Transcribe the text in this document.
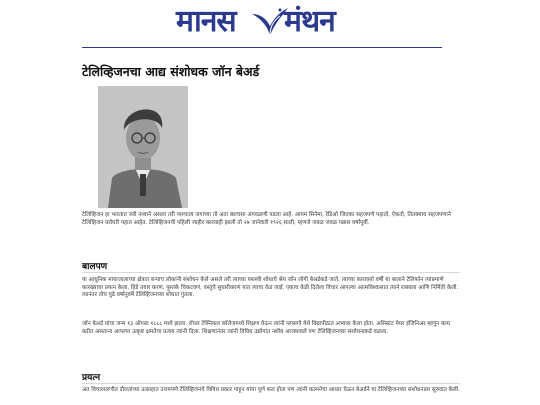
मानस मंथन
टेलिव्हिजनचा आद्य संशोधक जॉन बेअर्ड

टेलिव्हिजन हा भारतात जरी नव्याने असला तरी पाश्चात्य जगाच्या तो अता बराचसा अंगवळणी पडला आहे. आयम सिनेमा, रेडिओ जितका सहजपणे पहातो, ऐकतो, तितक्याच सहजपणाने टेलिव्हिजन घरोघरी पहात आहेत. टेलिव्हिजनची पहिली जाहीर कारवाही झाली तो २७ जानेवारी १९२६ साली, म्हणजे जवळ जवळ पन्नास वर्षांपूर्वी.

बालपण

या आधुनिक मायाजालाच्या क्षेत्रात बऱ्याच लोकांनी संशोधन केले असले तरी त्याच्या यशस्वी शोधाचे श्रेय जॉन लोगी बेअर्डकडे जाते. त्याच्या कारावर्या वर्षी या बालाने टेलिफोन त्याप्रमाणे कारख्याचा प्रयत्न केला. हिंडे तयार करणं, पुस्तके चिकटवणं, वस्तूंचे सुधारीकरणं यात त्याचा वेळ जाई. एकाच वेळी दिलेला विचार आपल्या आत्मविश्वासात त्याने राबवला आणि निर्मिती केली. त्यानंतर तोच पुढे वर्षानुवर्षे टेलिव्हिजनच्या शोधात गुंतला.

जॉन बेअर्ड यांचा जन्म १३ ऑगस्ट १८८८ मध्ये झाला. रॉयल टेक्निकल कॉलेजमध्ये शिक्षण घेऊन त्यांनी ग्लासगो येथे विद्यापीठात अभ्यास केला होता. असिस्टंट मेयर इंजिनिअर म्हणून काम करीत असताना आपल्या उत्कृष्ट क्षमतेचा प्रत्यय त्यांनी दिला. शिक्षणानंतर त्यांनी विविध उद्योगांत नशीब आजमावले पण टेलिव्हिजनच्या संशोधनाकडे वळला.

प्रयत्न

अत विचारसरणीत दौलतांच्या उत्साहात उत्तमपणे टेलिव्हिजनचे विविध प्रकार पाहून यांचा पूर्ण कल होता पण त्यांनी कल्पनेचा आधार घेऊन बेअर्डने या टेलिव्हिजनच्या संशोधनाला सुरुवात केली.
